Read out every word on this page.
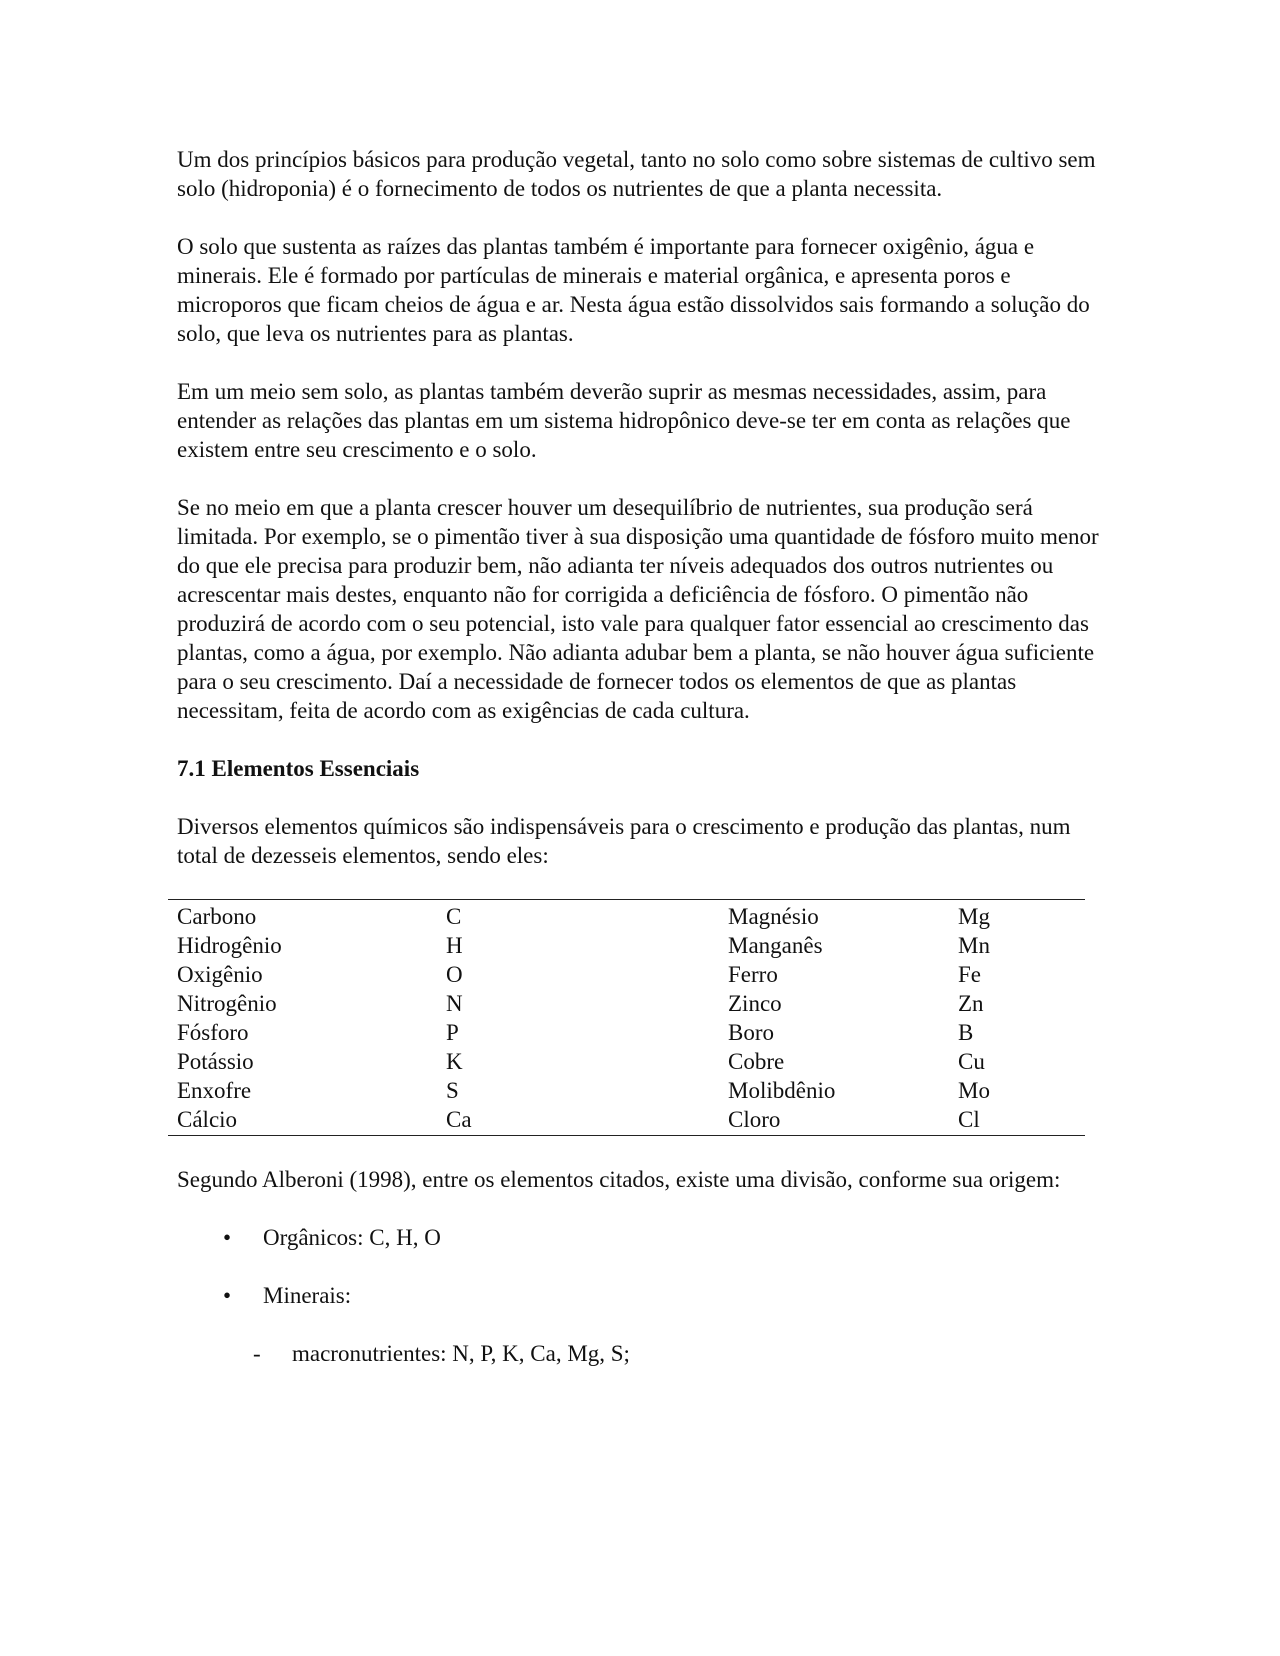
Um dos princípios básicos para produção vegetal, tanto no solo como sobre sistemas de cultivo sem solo (hidroponia) é o fornecimento de todos os nutrientes de que a planta necessita.

O solo que sustenta as raízes das plantas também é importante para fornecer oxigênio, água e minerais. Ele é formado por partículas de minerais e material orgânica, e apresenta poros e microporos que ficam cheios de água e ar. Nesta água estão dissolvidos sais formando a solução do solo, que leva os nutrientes para as plantas.

Em um meio sem solo, as plantas também deverão suprir as mesmas necessidades, assim, para entender as relações das plantas em um sistema hidropônico deve-se ter em conta as relações que existem entre seu crescimento e o solo.

Se no meio em que a planta crescer houver um desequilíbrio de nutrientes, sua produção será limitada. Por exemplo, se o pimentão tiver à sua disposição uma quantidade de fósforo muito menor do que ele precisa para produzir bem, não adianta ter níveis adequados dos outros nutrientes ou acrescentar mais destes, enquanto não for corrigida a deficiência de fósforo. O pimentão não produzirá de acordo com o seu potencial, isto vale para qualquer fator essencial ao crescimento das plantas, como a água, por exemplo. Não adianta adubar bem a planta, se não houver água suficiente para o seu crescimento. Daí a necessidade de fornecer todos os elementos de que as plantas necessitam, feita de acordo com as exigências de cada cultura.

7.1 Elementos Essenciais

Diversos elementos químicos são indispensáveis para o crescimento e produção das plantas, num total de dezesseis elementos, sendo eles:

Carbono	C	Magnésio	Mg
Hidrogênio	H	Manganês	Mn
Oxigênio	O	Ferro	Fe
Nitrogênio	N	Zinco	Zn
Fósforo	P	Boro	B
Potássio	K	Cobre	Cu
Enxofre	S	Molibdênio	Mo
Cálcio	Ca	Cloro	Cl

Segundo Alberoni (1998), entre os elementos citados, existe uma divisão, conforme sua origem:

• Orgânicos: C, H, O
• Minerais:
- macronutrientes: N, P, K, Ca, Mg, S;
